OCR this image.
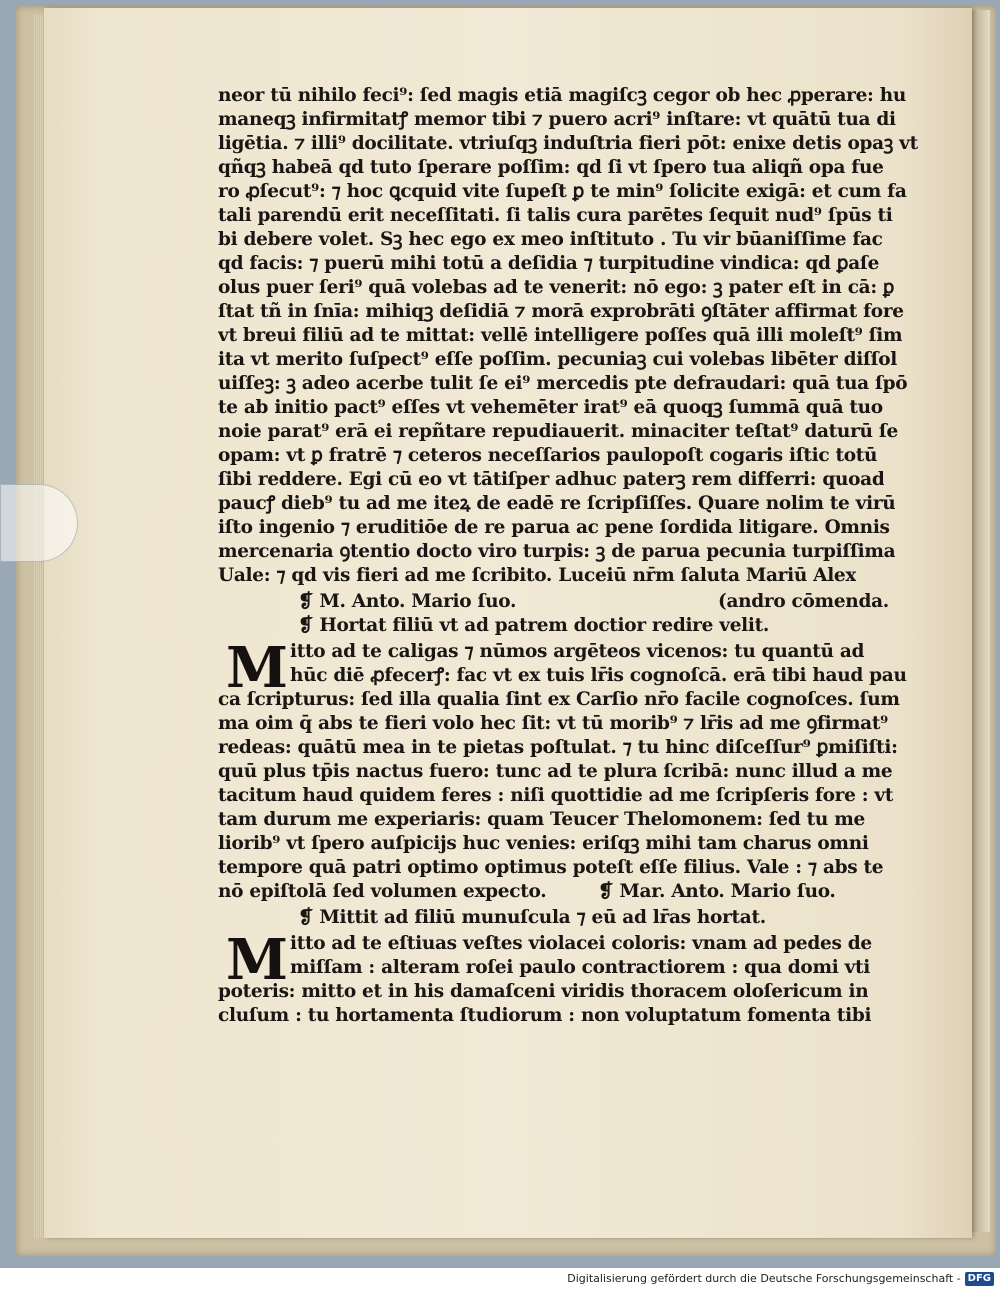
neor tū nihilo feci⁹: ſed magis etiā magiſcꝫ cegor ob hec ꝓperare: hu
maneqꝫ infirmitatꝭ memor tibi ⁊ puero acri⁹ inſtare: vt quātū tua di
ligētia. ⁊ illi⁹ docilitate. vtriuſqꝫ induſtria fieri pōt: enixe detis opaꝫ vt
qñqꝫ habeā qd tuto ſperare poſſim: qd ſi vt ſpero tua aliqñ opa fue
ro ꝓſecut⁹: ⁊ hoc ꝗcquid vite ſupeſt ꝑ te min⁹ ſolicite exigā: et cum fa
tali parendū erit neceſſitati. ſi talis cura parētes ſequit nud⁹ ſpūs ti
bi debere volet. Sꝫ hec ego ex meo inſtituto . Tu vir būaniſſime fac
qd facis: ⁊ puerū mihi totū a deſidia ⁊ turpitudine vindica: qd ꝑaſe
olus puer ſeri⁹ quā volebas ad te venerit: nō ego: ꝫ pater eſt in cā: ꝑ
ſtat tñ in ſnīa: mihiqꝫ deſidiā ⁊ morā exprobrāti ꝯſtāter affirmat fore
vt breui filiū ad te mittat: vellē intelligere poſſes quā illi moleſt⁹ ſim
ita vt merito ſuſpect⁹ eſſe poſſim. pecuniaꝫ cui volebas libēter diſſol
uiſſeꝫ: ꝫ adeo acerbe tulit ſe ei⁹ mercedis pte defraudari: quā tua ſpō
te ab initio pact⁹ eſſes vt vehemēter irat⁹ eā quoqꝫ ſummā quā tuo
noie parat⁹ erā ei repñtare repudiauerit. minaciter teſtat⁹ daturū ſe
opam: vt ꝑ fratrē ⁊ ceteros neceſſarios paulopoſt cogaris iſtic totū
ſibi reddere. Egi cū eo vt tātiſper adhuc paterꝫ rem differri: quoad
paucꝭ dieb⁹ tu ad me iteꝝ de eadē re ſcripſiſſes. Quare nolim te virū
iſto ingenio ⁊ eruditiōe de re parua ac pene ſordida litigare. Omnis
mercenaria ꝯtentio docto viro turpis: ꝫ de parua pecunia turpiſſima
Uale: ⁊ qd vis fieri ad me ſcribito. Luceiū nr̄m ſaluta Mariū Alex
❡ M. Anto. Mario ſuo.	(andro cōmenda.
❡ Hortat filiū vt ad patrem doctior redire velit.
M itto ad te caligas ⁊ nūmos argēteos vicenos: tu quantū ad
hūc diē ꝓfecerꝭ: fac vt ex tuis lr̄is cognoſcā. erā tibi haud pau
ca ſcripturus: ſed illa qualia ſint ex Carſio nr̄o facile cognoſces. ſum
ma oim q̄ abs te fieri volo hec ſit: vt tū morib⁹ ⁊ lr̄is ad me ꝯfirmat⁹
redeas: quātū mea in te pietas poſtulat. ⁊ tu hinc diſceſſur⁹ ꝑmiſiſti:
quū plus tp̄is nactus fuero: tunc ad te plura ſcribā: nunc illud a me
tacitum haud quidem feres : niſi quottidie ad me ſcripſeris fore : vt
tam durum me experiaris: quam Teucer Thelomonem: ſed tu me
liorib⁹ vt ſpero auſpicijs huc venies: eriſqꝫ mihi tam charus omni
tempore quā patri optimo optimus poteſt eſſe filius. Vale : ⁊ abs te
nō epiſtolā ſed volumen expecto.	❡ Mar. Anto. Mario ſuo.
❡ Mittit ad filiū munuſcula ⁊ eū ad lr̄as hortat.
M itto ad te eſtiuas veſtes violacei coloris: vnam ad pedes de
miſſam : alteram roſei paulo contractiorem : qua domi vti
poteris: mitto et in his damaſceni viridis thoracem oloſericum in
cluſum : tu hortamenta ſtudiorum : non voluptatum fomenta tibi
Digitalisierung gefördert durch die Deutsche Forschungsgemeinschaft - DFG
